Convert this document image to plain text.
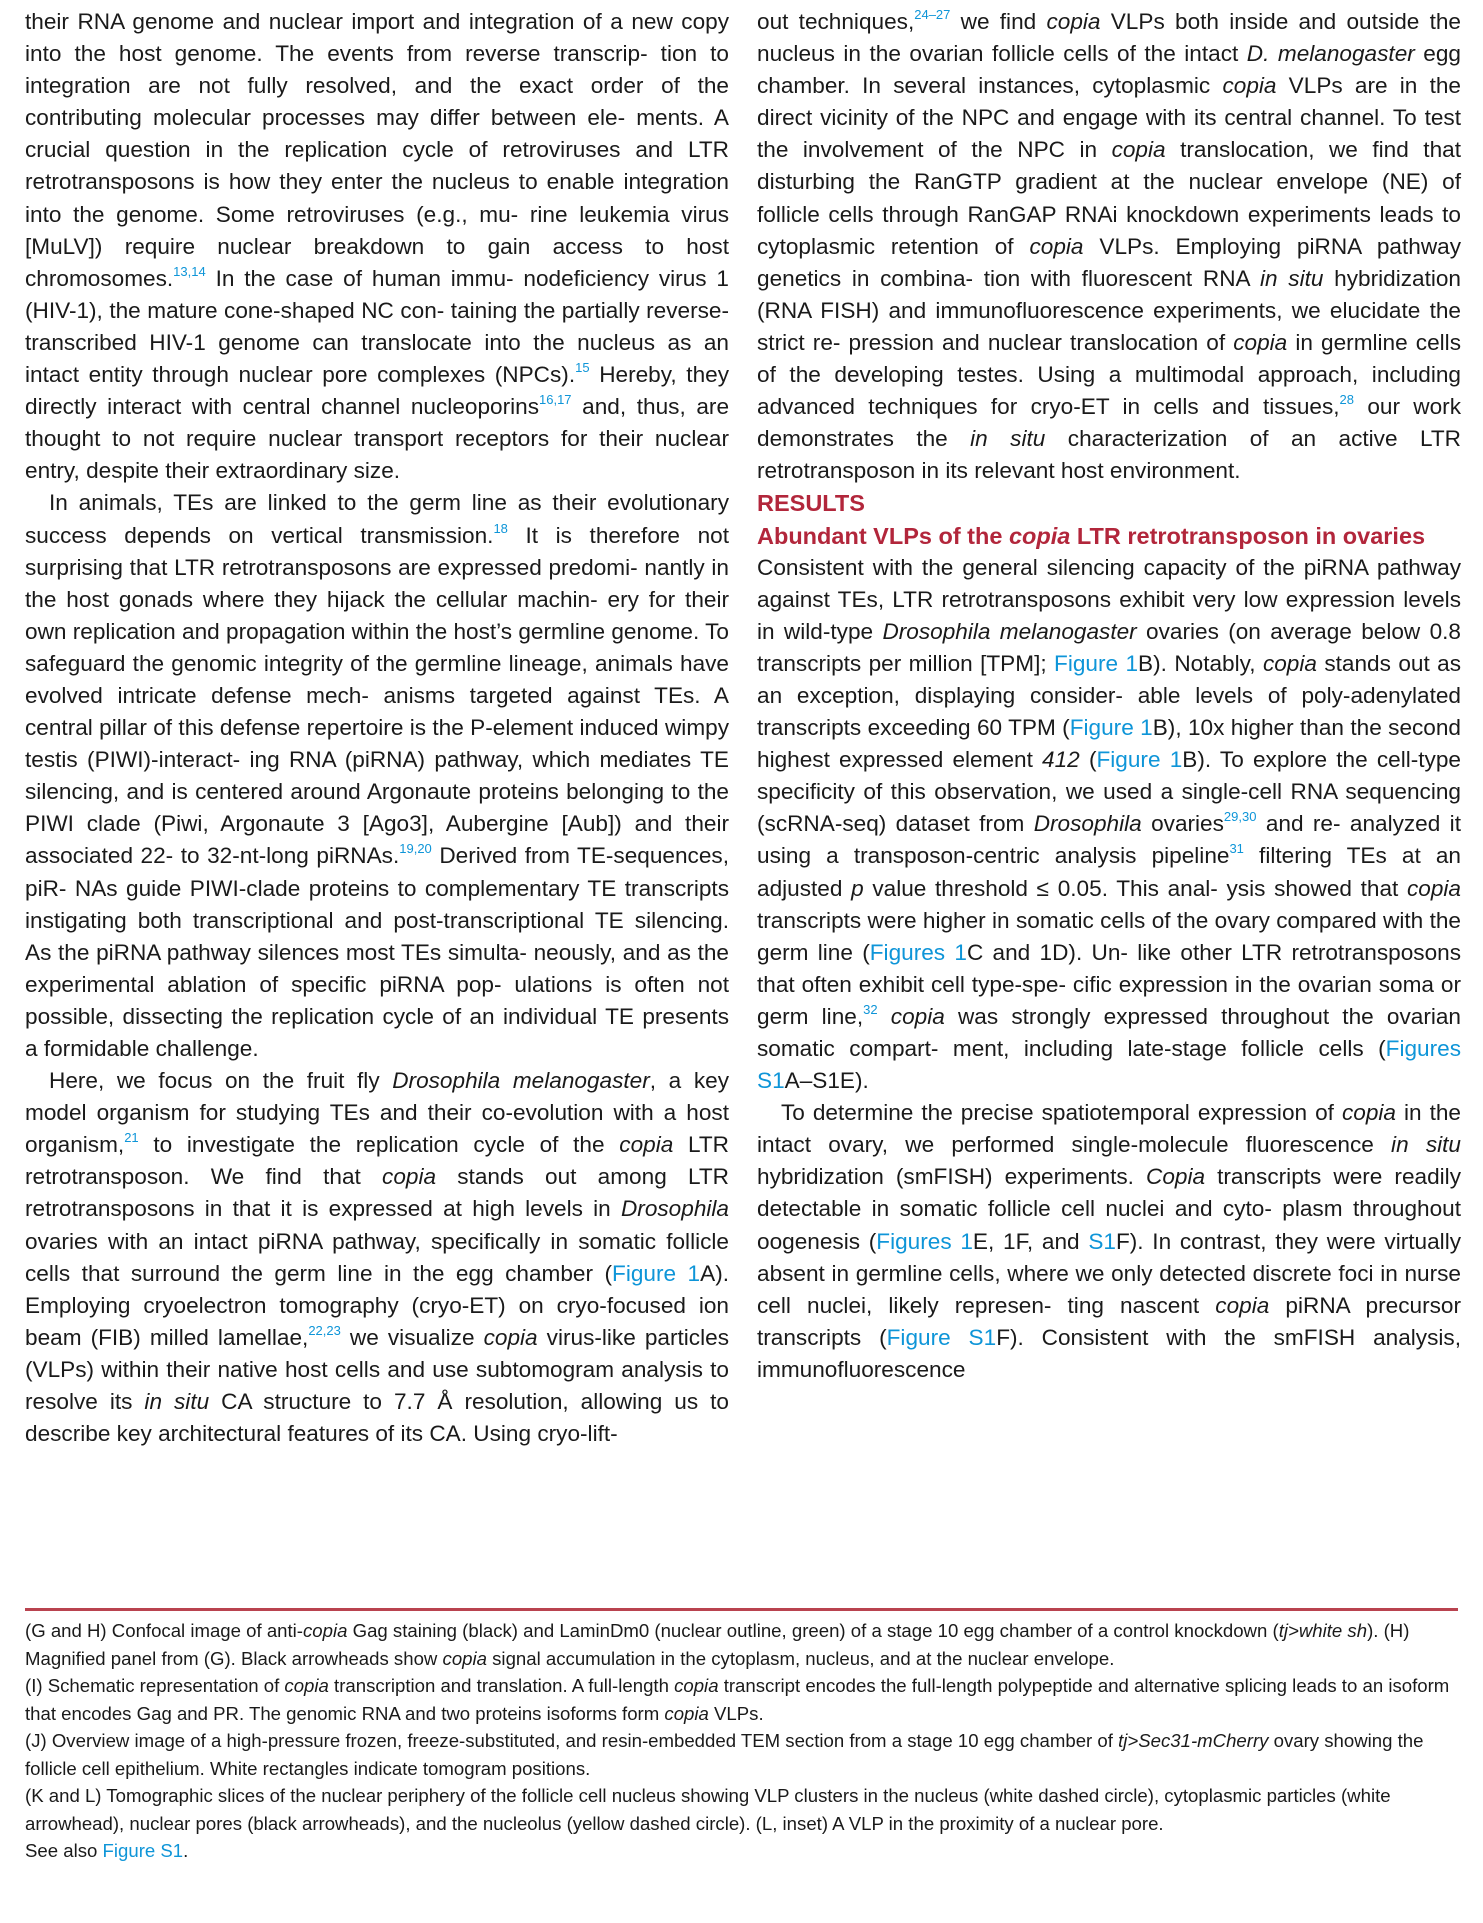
their RNA genome and nuclear import and integration of a new copy into the host genome. The events from reverse transcrip- tion to integration are not fully resolved, and the exact order of the contributing molecular processes may differ between ele- ments. A crucial question in the replication cycle of retroviruses and LTR retrotransposons is how they enter the nucleus to enable integration into the genome. Some retroviruses (e.g., mu- rine leukemia virus [MuLV]) require nuclear breakdown to gain access to host chromosomes.$^{13,14}$ In the case of human immu- nodeficiency virus 1 (HIV-1), the mature cone-shaped NC con- taining the partially reverse-transcribed HIV-1 genome can translocate into the nucleus as an intact entity through nuclear pore complexes (NPCs).$^{15}$ Hereby, they directly interact with central channel nucleoporins$^{16,17}$ and, thus, are thought to not require nuclear transport receptors for their nuclear entry, despite their extraordinary size.

In animals, TEs are linked to the germ line as their evolutionary success depends on vertical transmission.$^{18}$ It is therefore not surprising that LTR retrotransposons are expressed predomi- nantly in the host gonads where they hijack the cellular machin- ery for their own replication and propagation within the host’s germline genome. To safeguard the genomic integrity of the germline lineage, animals have evolved intricate defense mech- anisms targeted against TEs. A central pillar of this defense repertoire is the P-element induced wimpy testis (PIWI)-interact- ing RNA (piRNA) pathway, which mediates TE silencing, and is centered around Argonaute proteins belonging to the PIWI clade (Piwi, Argonaute 3 [Ago3], Aubergine [Aub]) and their associated 22- to 32-nt-long piRNAs.$^{19,20}$ Derived from TE-sequences, piR- NAs guide PIWI-clade proteins to complementary TE transcripts instigating both transcriptional and post-transcriptional TE silencing. As the piRNA pathway silences most TEs simulta- neously, and as the experimental ablation of specific piRNA pop- ulations is often not possible, dissecting the replication cycle of an individual TE presents a formidable challenge.

Here, we focus on the fruit fly Drosophila melanogaster, a key model organism for studying TEs and their co-evolution with a host organism,$^{21}$ to investigate the replication cycle of the copia LTR retrotransposon. We find that copia stands out among LTR retrotransposons in that it is expressed at high levels in Drosophila ovaries with an intact piRNA pathway, specifically in somatic follicle cells that surround the germ line in the egg chamber (Figure 1A). Employing cryoelectron tomography (cryo-ET) on cryo-focused ion beam (FIB) milled lamellae,$^{22,23}$ we visualize copia virus-like particles (VLPs) within their native host cells and use subtomogram analysis to resolve its in situ CA structure to 7.7 Å resolution, allowing us to describe key architectural features of its CA. Using cryo-lift-

out techniques,$^{24-27}$ we find copia VLPs both inside and outside the nucleus in the ovarian follicle cells of the intact D. melanogaster egg chamber. In several instances, cytoplasmic copia VLPs are in the direct vicinity of the NPC and engage with its central channel. To test the involvement of the NPC in copia translocation, we find that disturbing the RanGTP gradient at the nuclear envelope (NE) of follicle cells through RanGAP RNAi knockdown experiments leads to cytoplasmic retention of copia VLPs. Employing piRNA pathway genetics in combina- tion with fluorescent RNA in situ hybridization (RNA FISH) and immunofluorescence experiments, we elucidate the strict re- pression and nuclear translocation of copia in germline cells of the developing testes. Using a multimodal approach, including advanced techniques for cryo-ET in cells and tissues,$^{28}$ our work demonstrates the in situ characterization of an active LTR retrotransposon in its relevant host environment.

RESULTS

Abundant VLPs of the copia LTR retrotransposon in ovaries

Consistent with the general silencing capacity of the piRNA pathway against TEs, LTR retrotransposons exhibit very low expression levels in wild-type Drosophila melanogaster ovaries (on average below 0.8 transcripts per million [TPM]; Figure 1B). Notably, copia stands out as an exception, displaying consider- able levels of poly-adenylated transcripts exceeding 60 TPM (Figure 1B), 10x higher than the second highest expressed element 412 (Figure 1B). To explore the cell-type specificity of this observation, we used a single-cell RNA sequencing (scRNA-seq) dataset from Drosophila ovaries$^{29,30}$ and re- analyzed it using a transposon-centric analysis pipeline$^{31}$ filtering TEs at an adjusted p value threshold ≤ 0.05. This anal- ysis showed that copia transcripts were higher in somatic cells of the ovary compared with the germ line (Figures 1C and 1D). Un- like other LTR retrotransposons that often exhibit cell type-spe- cific expression in the ovarian soma or germ line,$^{32}$ copia was strongly expressed throughout the ovarian somatic compart- ment, including late-stage follicle cells (Figures S1A–S1E).

To determine the precise spatiotemporal expression of copia in the intact ovary, we performed single-molecule fluorescence in situ hybridization (smFISH) experiments. Copia transcripts were readily detectable in somatic follicle cell nuclei and cyto- plasm throughout oogenesis (Figures 1E, 1F, and S1F). In contrast, they were virtually absent in germline cells, where we only detected discrete foci in nurse cell nuclei, likely represen- ting nascent copia piRNA precursor transcripts (Figure S1F). Consistent with the smFISH analysis, immunofluorescence

(G and H) Confocal image of anti-copia Gag staining (black) and LaminDm0 (nuclear outline, green) of a stage 10 egg chamber of a control knockdown (tj>white sh). (H) Magnified panel from (G). Black arrowheads show copia signal accumulation in the cytoplasm, nucleus, and at the nuclear envelope.

(I) Schematic representation of copia transcription and translation. A full-length copia transcript encodes the full-length polypeptide and alternative splicing leads to an isoform that encodes Gag and PR. The genomic RNA and two proteins isoforms form copia VLPs.

(J) Overview image of a high-pressure frozen, freeze-substituted, and resin-embedded TEM section from a stage 10 egg chamber of tj>Sec31-mCherry ovary showing the follicle cell epithelium. White rectangles indicate tomogram positions.

(K and L) Tomographic slices of the nuclear periphery of the follicle cell nucleus showing VLP clusters in the nucleus (white dashed circle), cytoplasmic particles (white arrowhead), nuclear pores (black arrowheads), and the nucleolus (yellow dashed circle). (L, inset) A VLP in the proximity of a nuclear pore.

See also Figure S1.
